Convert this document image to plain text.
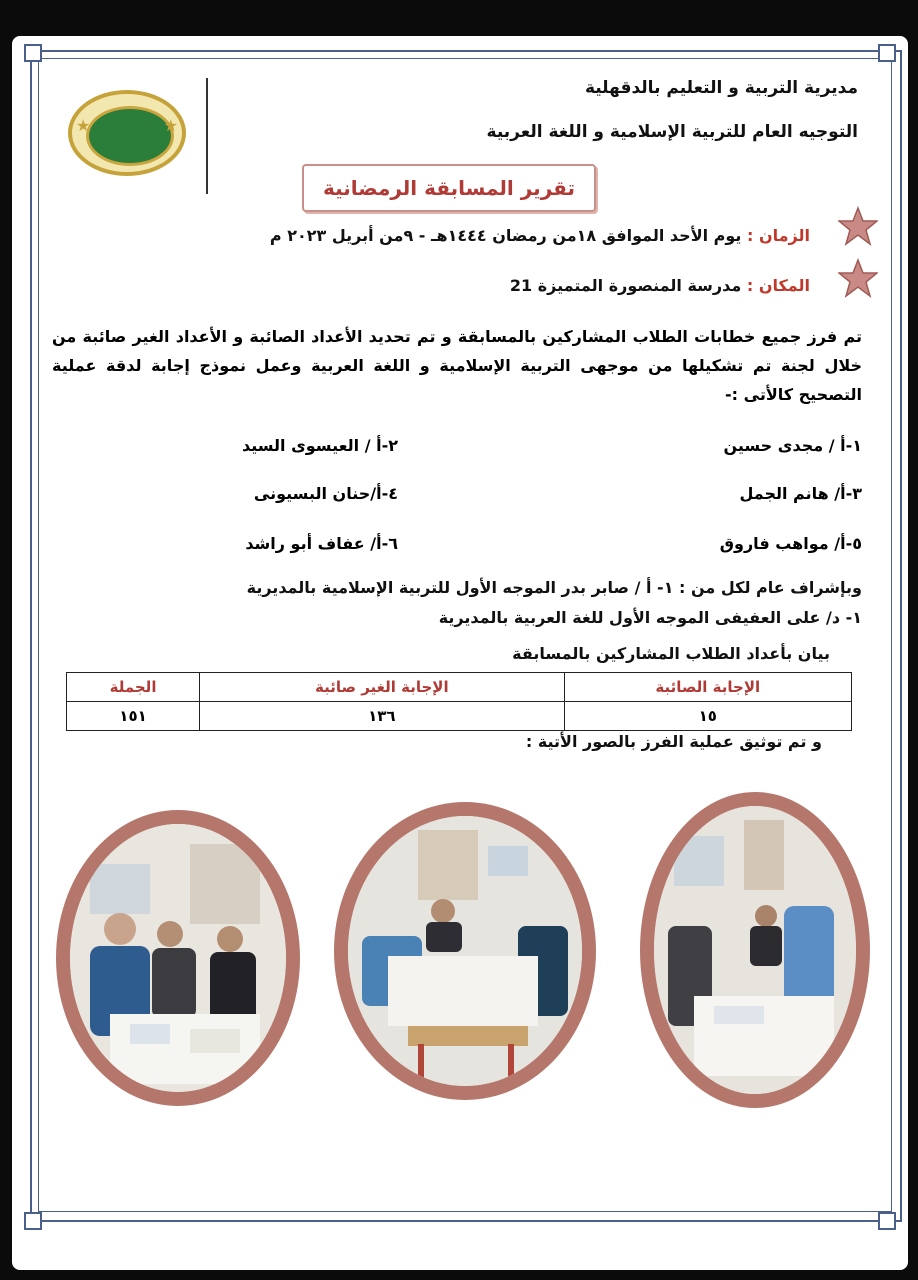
مديرية التربية و التعليم بالدقهلية
التوجيه العام للتربية الإسلامية و اللغة العربية
★	★
تقرير المسابقة الرمضانية
الزمان : يوم الأحد الموافق ١٨من رمضان ١٤٤٤هـ - ٩من أبريل ٢٠٢٣ م
المكان : مدرسة المنصورة المتميزة 21
تم فرز جميع خطابات الطلاب المشاركين بالمسابقة و تم تحديد الأعداد الصائبة و الأعداد الغير صائبة من خلال لجنة تم تشكيلها من موجهى التربية الإسلامية و اللغة العربية وعمل نموذج إجابة لدقة عملية التصحيح كالأتى :-
١-أ / مجدى حسين
٢-أ / العيسوى السيد
٣-أ/ هانم الجمل
٤-أ/حنان البسيونى
٥-أ/ مواهب فاروق
٦-أ/ عفاف أبو راشد
وبإشراف عام لكل من : ١- أ / صابر بدر الموجه الأول للتربية الإسلامية بالمديرية
١- د/ على العفيفى الموجه الأول للغة العربية بالمديرية
بيان بأعداد الطلاب المشاركين بالمسابقة
الإجابة الصائبة	الإجابة الغير صائبة	الجملة
١٥	١٣٦	١٥١
و تم توثيق عملية الفرز بالصور الأتية :
